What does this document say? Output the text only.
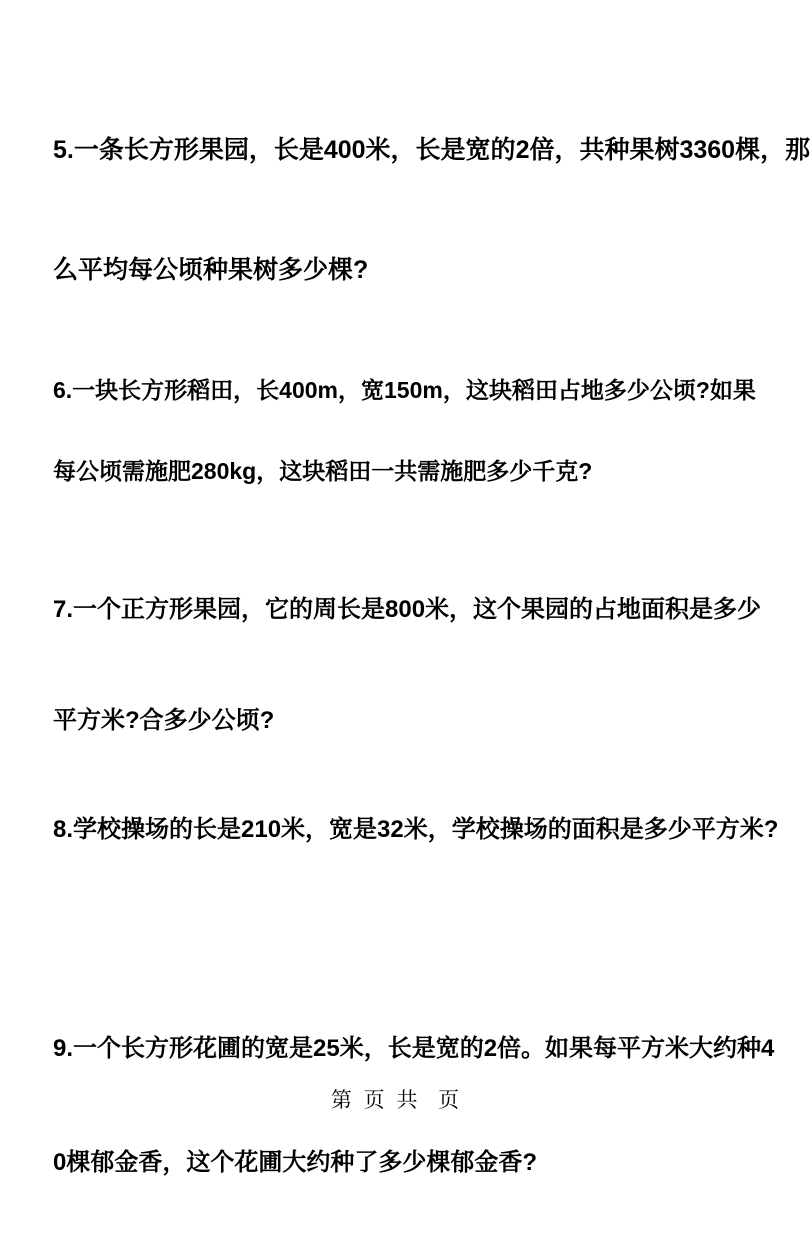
5.一条长方形果园，长是400米，长是宽的2倍，共种果树3360棵，那

么平均每公顷种果树多少棵?

6.一块长方形稻田，长400m，宽150m，这块稻田占地多少公顷?如果

每公顷需施肥280kg，这块稻田一共需施肥多少千克?

7.一个正方形果园，它的周长是800米，这个果园的占地面积是多少

平方米?合多少公顷?

8.学校操场的长是210米，宽是32米，学校操场的面积是多少平方米?

9.一个长方形花圃的宽是25米，长是宽的2倍。如果每平方米大约种4

0棵郁金香，这个花圃大约种了多少棵郁金香?

第 页 共  页
